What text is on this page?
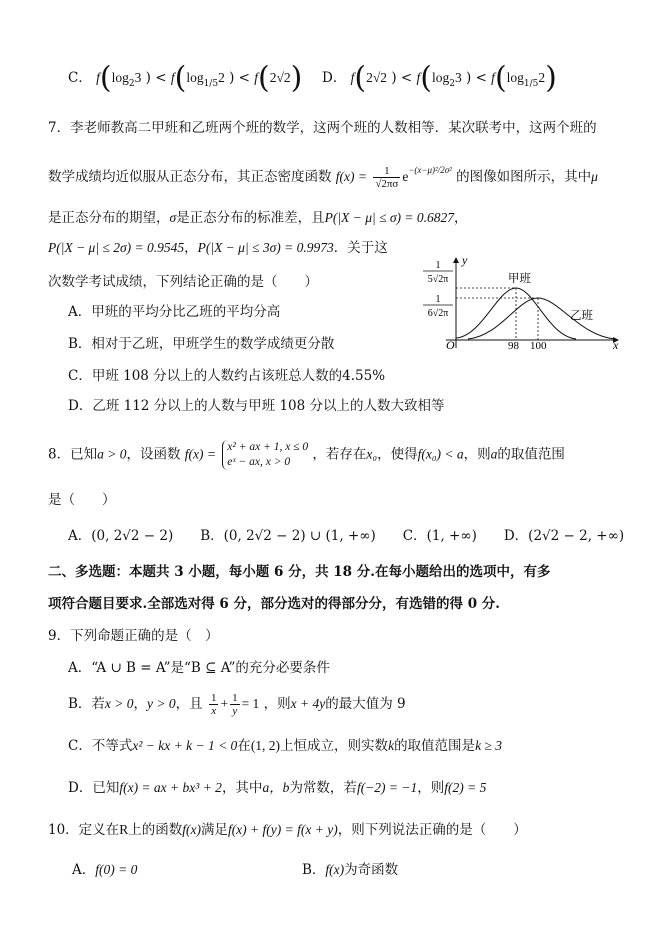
C． $f(\log_23$ ) < $f(\log_{1/5}2$ ) < f(2√2)	D． f(2√2 ) < $f(\log_23$ ) < $f(\log_{1/5}2)$
7．李老师教高二甲班和乙班两个班的数学，这两个班的人数相等．某次联考中，这两个班的
数学成绩均近似服从正态分布，其正态密度函数 $f(x) = \frac{1}{√2\pi\sigma} e^{-(x-\mu)^2/2\sigma^2}$ 的图像如图所示，其中μ
是正态分布的期望，σ是正态分布的标准差，且P(|X − μ| ≤ σ) = 0.6827，
P(|X − μ| ≤ 2σ) = 0.9545，P(|X − μ| ≤ 3σ) = 0.9973．关于这
次数学考试成绩，下列结论正确的是（　　）
A．甲班的平均分比乙班的平均分高
B．相对于乙班，甲班学生的数学成绩更分散
C．甲班 108 分以上的人数约占该班总人数的4.55%
D．乙班 112 分以上的人数与甲班 108 分以上的人数大致相等
y
x
O
1
5√2π
1
6√2π
甲班
乙班
98 100
8．已知a > 0，设函数 f(x) = x² + ax + 1, x ≤ 0
eˣ − ax, x > 0	，若存在x₀，使得f(x₀) < a，则a的取值范围
是（　　）
A．(0, 2√2 − 2)　　B．(0, 2√2 − 2) ∪ (1, +∞)　　C．(1, +∞)　　D．(2√2 − 2, +∞)
二、多选题：本题共 3 小题，每小题 6 分，共 18 分.在每小题给出的选项中，有多
项符合题目要求.全部选对得 6 分，部分选对的得部分分，有选错的得 0 分.
9．下列命题正确的是（　）
A．“A ∪ B = A”是“B ⊆ A”的充分必要条件
B．若x > 0，y > 0，且 $\frac{1}{x} + \frac{1}{y} = 1$ ，则x + 4y的最大值为 9
C．不等式x² − kx + k − 1 < 0在(1, 2)上恒成立，则实数k的取值范围是k ≥ 3
D．已知f(x) = ax + bx³ + 2，其中a，b为常数，若f(−2) = −1，则f(2) = 5
10．定义在R上的函数f(x)满足f(x) + f(y) = f(x + y)，则下列说法正确的是（　　）
A．f(0) = 0	B．f(x)为奇函数
